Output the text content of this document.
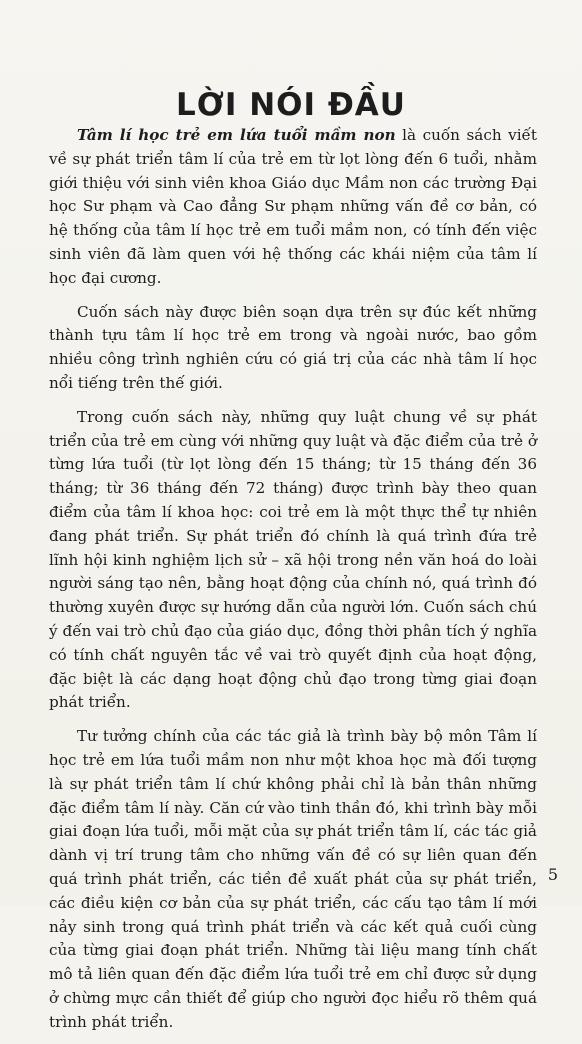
LỜI NÓI ĐẦU

Tâm lí học trẻ em lứa tuổi mầm non là cuốn sách viết về sự phát triển tâm lí của trẻ em từ lọt lòng đến 6 tuổi, nhằm giới thiệu với sinh viên khoa Giáo dục Mầm non các trường Đại học Sư phạm và Cao đẳng Sư phạm những vấn đề cơ bản, có hệ thống của tâm lí học trẻ em tuổi mầm non, có tính đến việc sinh viên đã làm quen với hệ thống các khái niệm của tâm lí học đại cương.

Cuốn sách này được biên soạn dựa trên sự đúc kết những thành tựu tâm lí học trẻ em trong và ngoài nước, bao gồm nhiều công trình nghiên cứu có giá trị của các nhà tâm lí học nổi tiếng trên thế giới.

Trong cuốn sách này, những quy luật chung về sự phát triển của trẻ em cùng với những quy luật và đặc điểm của trẻ ở từng lứa tuổi (từ lọt lòng đến 15 tháng; từ 15 tháng đến 36 tháng; từ 36 tháng đến 72 tháng) được trình bày theo quan điểm của tâm lí khoa học: coi trẻ em là một thực thể tự nhiên đang phát triển. Sự phát triển đó chính là quá trình đứa trẻ lĩnh hội kinh nghiệm lịch sử – xã hội trong nền văn hoá do loài người sáng tạo nên, bằng hoạt động của chính nó, quá trình đó thường xuyên được sự hướng dẫn của người lớn. Cuốn sách chú ý đến vai trò chủ đạo của giáo dục, đồng thời phân tích ý nghĩa có tính chất nguyên tắc về vai trò quyết định của hoạt động, đặc biệt là các dạng hoạt động chủ đạo trong từng giai đoạn phát triển.

Tư tưởng chính của các tác giả là trình bày bộ môn Tâm lí học trẻ em lứa tuổi mầm non như một khoa học mà đối tượng là sự phát triển tâm lí chứ không phải chỉ là bản thân những đặc điểm tâm lí này. Căn cứ vào tinh thần đó, khi trình bày mỗi giai đoạn lứa tuổi, mỗi mặt của sự phát triển tâm lí, các tác giả dành vị trí trung tâm cho những vấn đề có sự liên quan đến quá trình phát triển, các tiền đề xuất phát của sự phát triển, các điều kiện cơ bản của sự phát triển, các cấu tạo tâm lí mới nảy sinh trong quá trình phát triển và các kết quả cuối cùng của từng giai đoạn phát triển. Những tài liệu mang tính chất mô tả liên quan đến đặc điểm lứa tuổi trẻ em chỉ được sử dụng ở chừng mực cần thiết để giúp cho người đọc hiểu rõ thêm quá trình phát triển.

5
